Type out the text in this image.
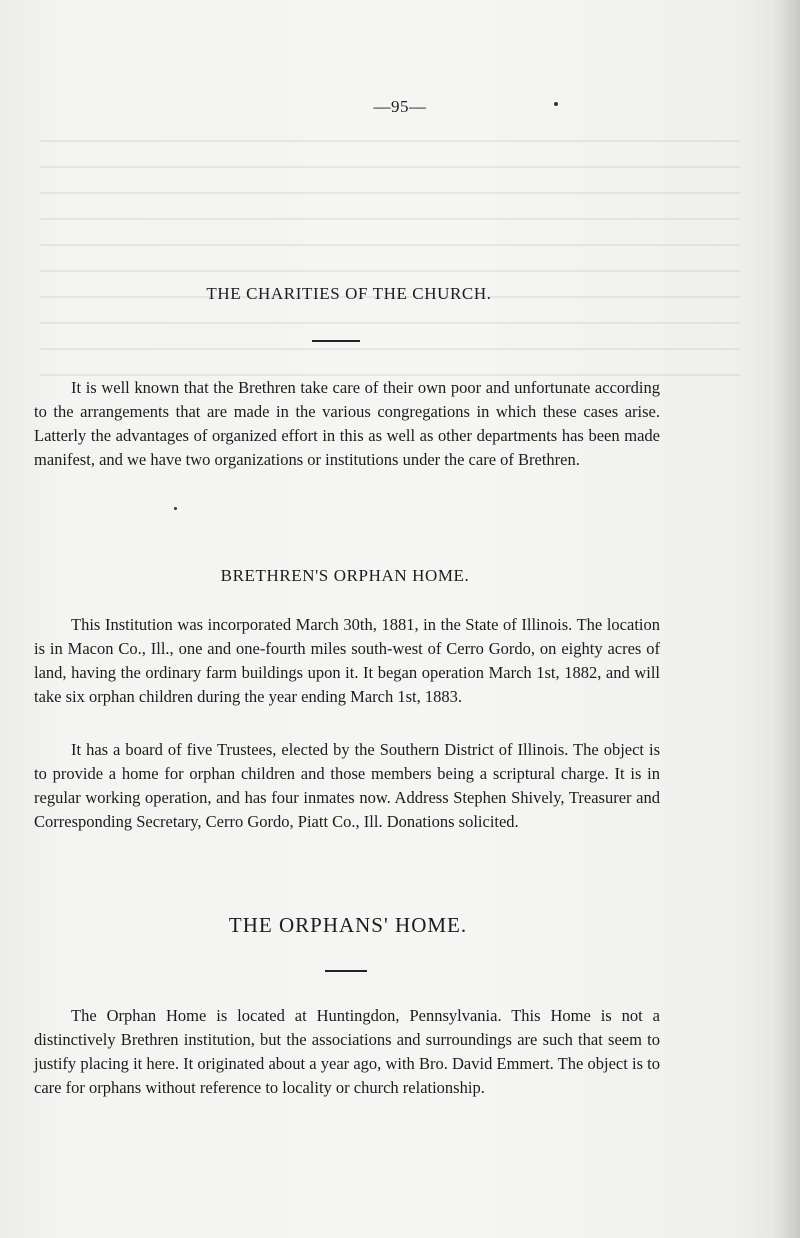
—95—
THE CHARITIES OF THE CHURCH.
It is well known that the Brethren take care of their own poor and unfortunate according to the arrangements that are made in the various congregations in which these cases arise. Latterly the advantages of organized effort in this as well as other departments has been made manifest, and we have two organizations or institutions under the care of Brethren.
BRETHREN'S ORPHAN HOME.
This Institution was incorporated March 30th, 1881, in the State of Illinois. The location is in Macon Co., Ill., one and one-fourth miles south-west of Cerro Gordo, on eighty acres of land, having the ordinary farm buildings upon it. It began operation March 1st, 1882, and will take six orphan children during the year ending March 1st, 1883.
It has a board of five Trustees, elected by the Southern District of Illinois. The object is to provide a home for orphan children and those members being a scriptural charge. It is in regular working operation, and has four inmates now. Address Stephen Shively, Treasurer and Corresponding Secretary, Cerro Gordo, Piatt Co., Ill. Donations solicited.
THE ORPHANS' HOME.
The Orphan Home is located at Huntingdon, Pennsylvania. This Home is not a distinctively Brethren institution, but the associations and surroundings are such that seem to justify placing it here. It originated about a year ago, with Bro. David Emmert. The object is to care for orphans without reference to locality or church relationship.
